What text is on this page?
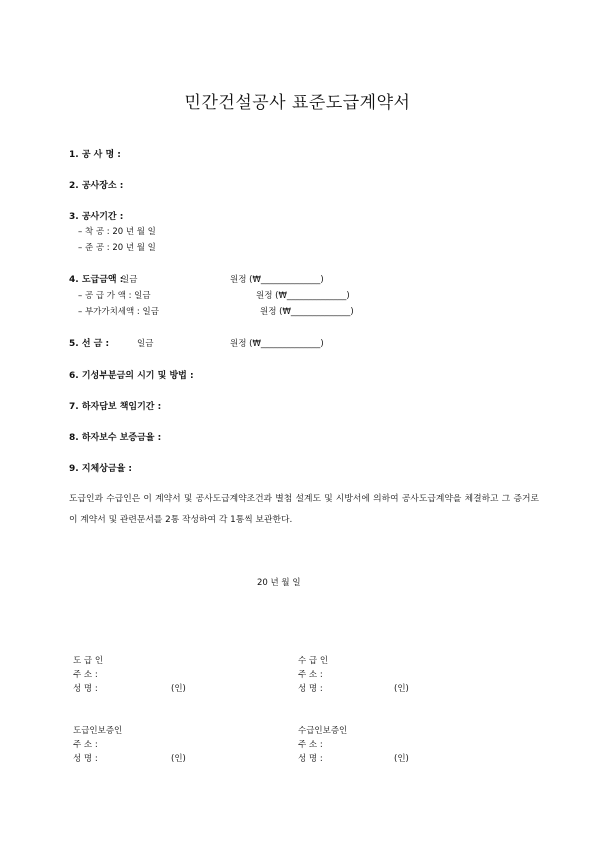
민간건설공사 표준도급계약서
1. 공 사 명 :
2. 공사장소 :
3. 공사기간 :
– 착 공 : 20 년 월 일
– 준 공 : 20 년 월 일
4. 도급금액 :
일금	원정 (₩______________)
– 공 급 가 액 : 일금	원정 (₩______________)
– 부가가치세액 : 일금	원정 (₩______________)
5. 선 금 :	일금	원정 (₩______________)
6. 기성부분금의 시기 및 방법 :
7. 하자담보 책임기간 :
8. 하자보수 보증금율 :
9. 지체상금율 :
도급인과 수급인은 이 계약서 및 공사도급계약조건과 별첨 설계도 및 시방서에 의하여 공사도급계약을 체결하고 그 증거로 이 계약서 및 관련문서를 2통 작성하여 각 1통씩 보관한다.
20 년 월 일
도 급 인
주 소 :
성 명 :	(인)
수 급 인
주 소 :
성 명 :	(인)
도급인보증인
주 소 :
성 명 :	(인)
수급인보증인
주 소 :
성 명 :	(인)
